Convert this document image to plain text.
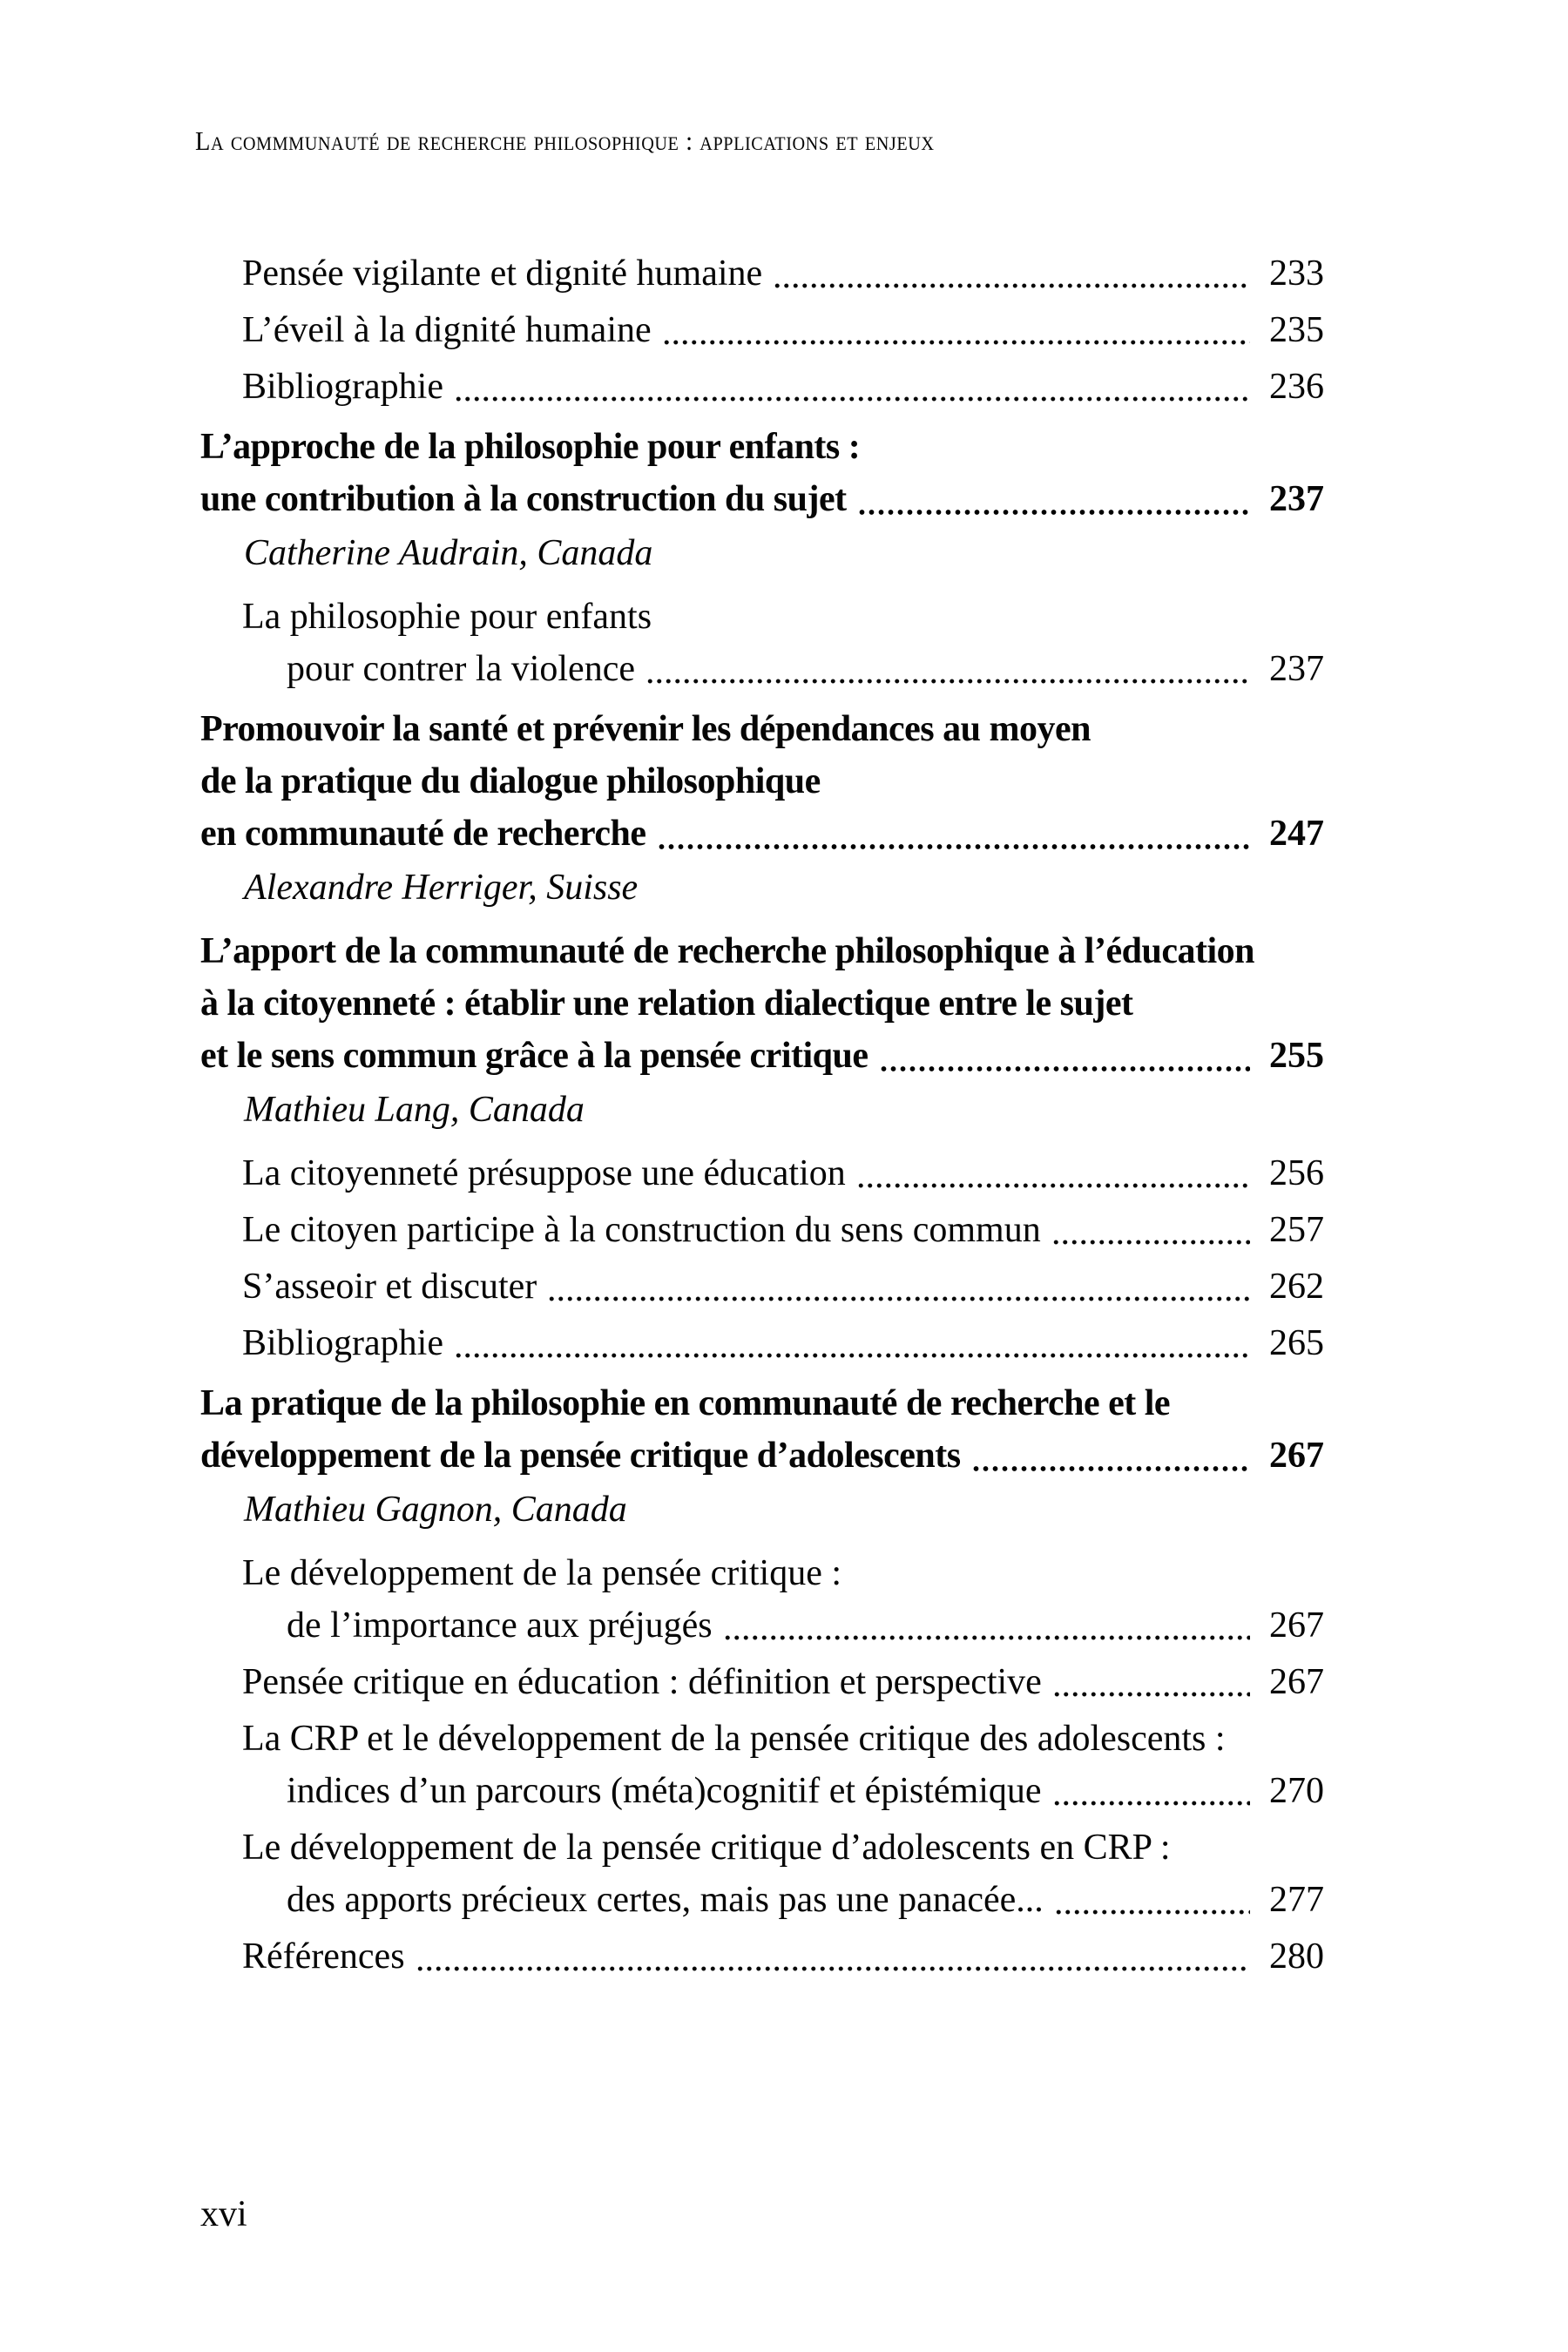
La commmunauté de recherche philosophique : applications et enjeux
Pensée vigilante et dignité humaine	233
L’éveil à la dignité humaine	235
Bibliographie	236
L’approche de la philosophie pour enfants :
une contribution à la construction du sujet	237
Catherine Audrain, Canada
La philosophie pour enfants
pour contrer la violence	237
Promouvoir la santé et prévenir les dépendances au moyen
de la pratique du dialogue philosophique
en communauté de recherche	247
Alexandre Herriger, Suisse
L’apport de la communauté de recherche philosophique à l’éducation
à la citoyenneté : établir une relation dialectique entre le sujet
et le sens commun grâce à la pensée critique	255
Mathieu Lang, Canada
La citoyenneté présuppose une éducation	256
Le citoyen participe à la construction du sens commun	257
S’asseoir et discuter	262
Bibliographie	265
La pratique de la philosophie en communauté de recherche et le
développement de la pensée critique d’adolescents	267
Mathieu Gagnon, Canada
Le développement de la pensée critique :
de l’importance aux préjugés	267
Pensée critique en éducation : définition et perspective	267
La CRP et le développement de la pensée critique des adolescents :
indices d’un parcours (méta)cognitif et épistémique	270
Le développement de la pensée critique d’adolescents en CRP :
des apports précieux certes, mais pas une panacée...	277
Références	280
xvi
